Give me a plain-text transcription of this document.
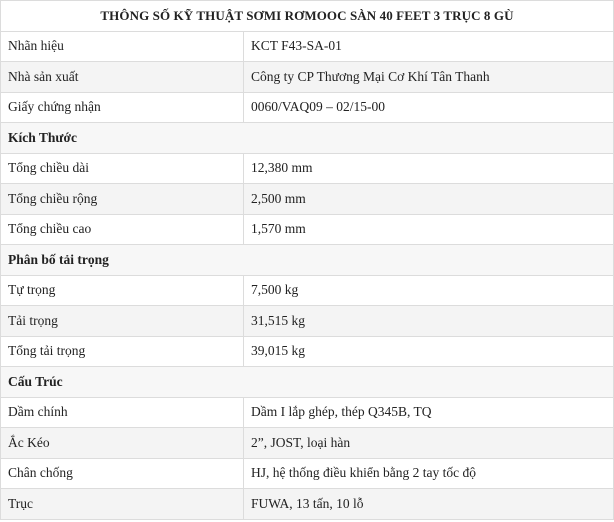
THÔNG SỐ KỸ THUẬT SƠMI RƠMOOC SÀN 40 FEET 3 TRỤC 8 GÙ	
Nhãn hiệu	KCT F43-SA-01
Nhà sản xuất	Công ty CP Thương Mại Cơ Khí Tân Thanh
Giấy chứng nhận	0060/VAQ09 – 02/15-00
Kích Thước	
Tổng chiều dài	12,380 mm
Tổng chiều rộng	2,500 mm
Tổng chiều cao	1,570 mm
Phân bố tải trọng	
Tự trọng	7,500 kg
Tải trọng	31,515 kg
Tổng tải trọng	39,015 kg
Cấu Trúc	
Dầm chính	Dầm I lắp ghép, thép Q345B, TQ
Ắc Kéo	2”, JOST, loại hàn
Chân chống	HJ, hệ thống điều khiển bằng 2 tay tốc độ
Trục	FUWA, 13 tấn, 10 lỗ
